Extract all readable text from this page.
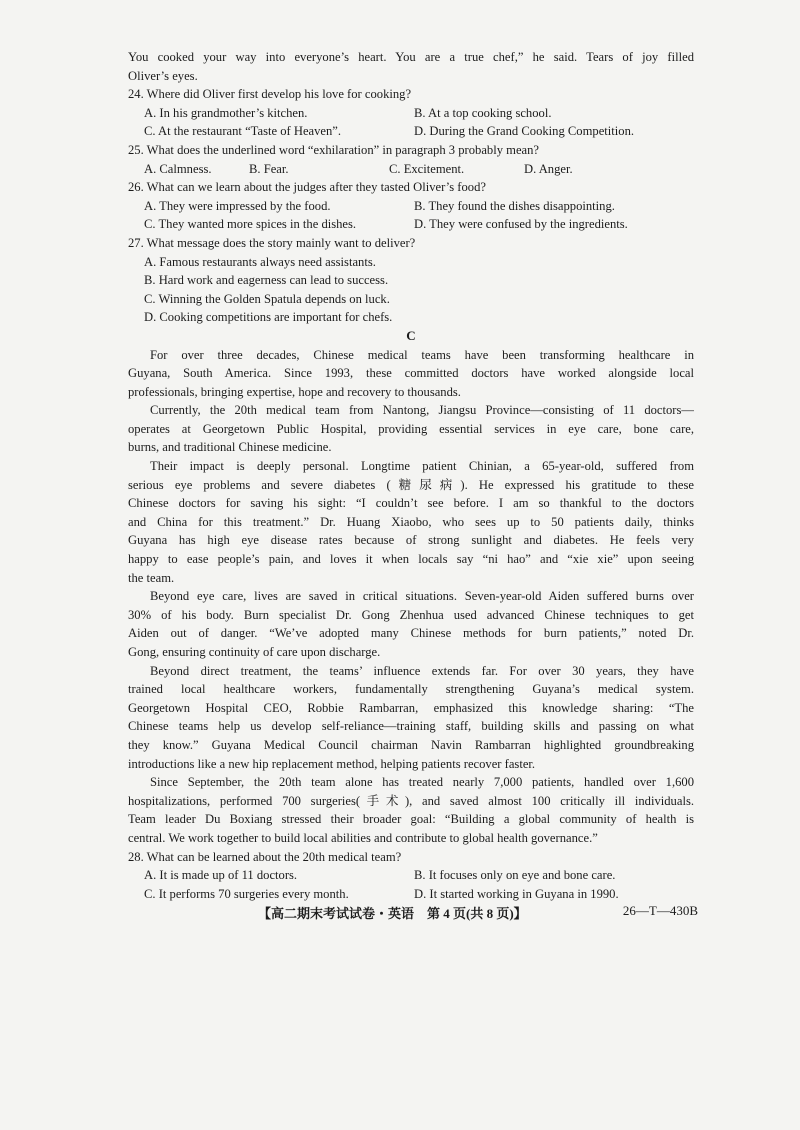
You cooked your way into everyone’s heart. You are a true chef,” he said. Tears of joy filled
Oliver’s eyes.
24. Where did Oliver first develop his love for cooking?
A. In his grandmother’s kitchen.	B. At a top cooking school.
C. At the restaurant “Taste of Heaven”.	D. During the Grand Cooking Competition.
25. What does the underlined word “exhilaration” in paragraph 3 probably mean?
A. Calmness.	B. Fear.	C. Excitement.	D. Anger.
26. What can we learn about the judges after they tasted Oliver’s food?
A. They were impressed by the food.	B. They found the dishes disappointing.
C. They wanted more spices in the dishes.	D. They were confused by the ingredients.
27. What message does the story mainly want to deliver?
A. Famous restaurants always need assistants.
B. Hard work and eagerness can lead to success.
C. Winning the Golden Spatula depends on luck.
D. Cooking competitions are important for chefs.
C
For over three decades, Chinese medical teams have been transforming healthcare in
Guyana, South America. Since 1993, these committed doctors have worked alongside local
professionals, bringing expertise, hope and recovery to thousands.
Currently, the 20th medical team from Nantong, Jiangsu Province—consisting of 11 doctors—
operates at Georgetown Public Hospital, providing essential services in eye care, bone care,
burns, and traditional Chinese medicine.
Their impact is deeply personal. Longtime patient Chinian, a 65-year-old, suffered from
serious eye problems and severe diabetes (糖尿病). He expressed his gratitude to these
Chinese doctors for saving his sight: “I couldn’t see before. I am so thankful to the doctors
and China for this treatment.” Dr. Huang Xiaobo, who sees up to 50 patients daily, thinks
Guyana has high eye disease rates because of strong sunlight and diabetes. He feels very
happy to ease people’s pain, and loves it when locals say “ni hao” and “xie xie” upon seeing
the team.
Beyond eye care, lives are saved in critical situations. Seven-year-old Aiden suffered burns over
30% of his body. Burn specialist Dr. Gong Zhenhua used advanced Chinese techniques to get
Aiden out of danger. “We’ve adopted many Chinese methods for burn patients,” noted Dr.
Gong, ensuring continuity of care upon discharge.
Beyond direct treatment, the teams’ influence extends far. For over 30 years, they have
trained local healthcare workers, fundamentally strengthening Guyana’s medical system.
Georgetown Hospital CEO, Robbie Rambarran, emphasized this knowledge sharing: “The
Chinese teams help us develop self-reliance—training staff, building skills and passing on what
they know.” Guyana Medical Council chairman Navin Rambarran highlighted groundbreaking
introductions like a new hip replacement method, helping patients recover faster.
Since September, the 20th team alone has treated nearly 7,000 patients, handled over 1,600
hospitalizations, performed 700 surgeries(手术), and saved almost 100 critically ill individuals.
Team leader Du Boxiang stressed their broader goal: “Building a global community of health is
central. We work together to build local abilities and contribute to global health governance.”
28. What can be learned about the 20th medical team?
A. It is made up of 11 doctors.	B. It focuses only on eye and bone care.
C. It performs 70 surgeries every month.	D. It started working in Guyana in 1990.
【高二期末考试试卷・英语　第 4 页(共 8 页)】	26—T—430B
